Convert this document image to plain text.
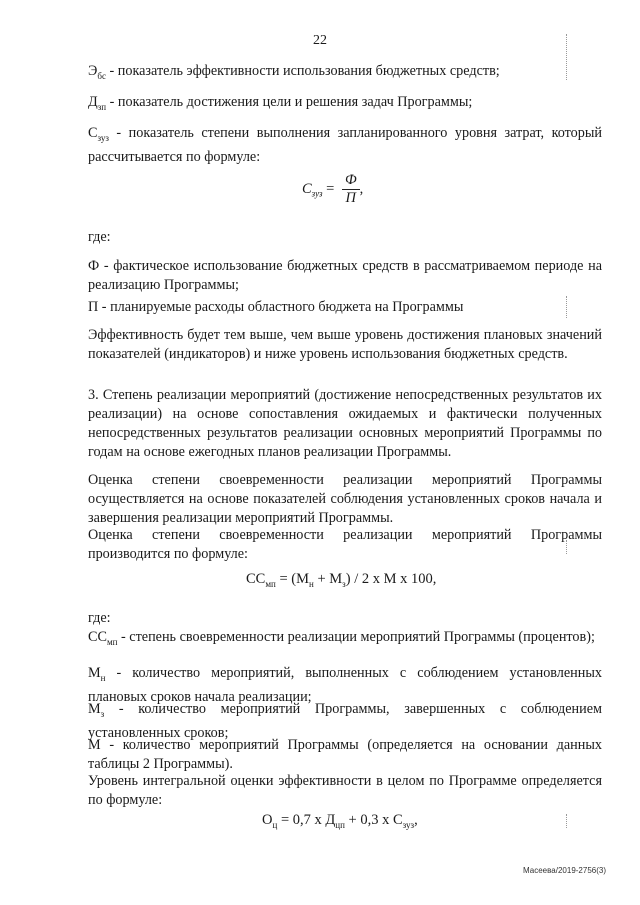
22

$Э_{бс}$ - показатель эффективности использования бюджетных средств;

$Д_{зп}$ - показатель достижения цели и решения задач Программы;

$С_{зуз}$ - показатель степени выполнения запланированного уровня затрат, который рассчитывается по формуле:

$С_{зуз} = \frac{Ф}{П}$ ,

где:

Ф - фактическое использование бюджетных средств в рассматриваемом периоде на реализацию Программы;

П - планируемые расходы областного бюджета на Программы

Эффективность будет тем выше, чем выше уровень достижения плановых значений показателей (индикаторов) и ниже уровень использования бюджетных средств.

3. Степень реализации мероприятий (достижение непосредственных результатов их реализации) на основе сопоставления ожидаемых и фактически полученных непосредственных результатов реализации основных мероприятий Программы по годам на основе ежегодных планов реализации Программы.

Оценка степени своевременности реализации мероприятий Программы осуществляется на основе показателей соблюдения установленных сроков начала и завершения реализации мероприятий Программы.

Оценка степени своевременности реализации мероприятий Программы производится по формуле:

$СС_{мп} = (М_н + М_з) / 2$ х М х 100,

где:

$СС_{мп}$ - степень своевременности реализации мероприятий Программы (процентов);

$М_н$ - количество мероприятий, выполненных с соблюдением установленных плановых сроков начала реализации;

$М_з$ - количество мероприятий Программы, завершенных с соблюдением установленных сроков;

М - количество мероприятий Программы (определяется на основании данных таблицы 2 Программы).

Уровень интегральной оценки эффективности в целом по Программе определяется по формуле:

$О_ц = 0,7$ х $Д_{цп} + 0,3$ х $С_{зуз}$,
Масеева/2019-2756(3)
